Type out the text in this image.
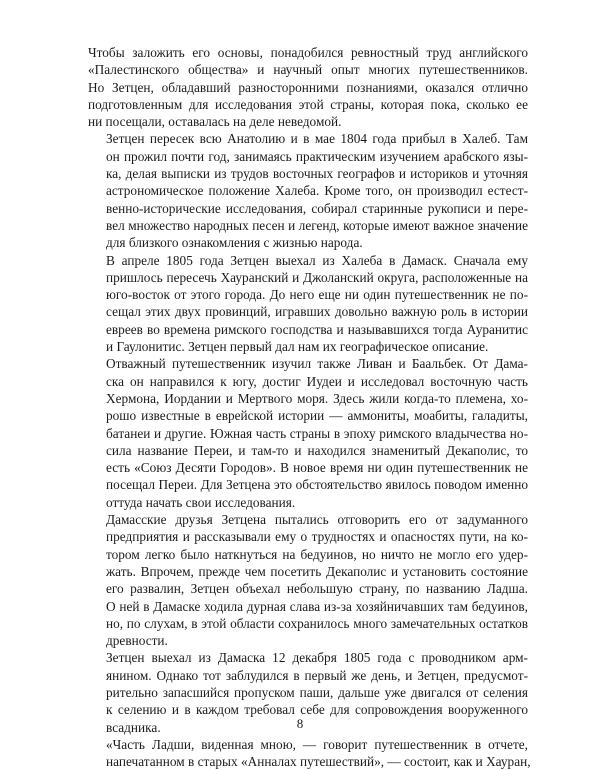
Чтобы заложить его основы, понадобился ревностный труд английского
«Палестинского общества» и научный опыт многих путешественников.
Но Зетцен, обладавший разносторонними познаниями, оказался отлично
подготовленным для исследования этой страны, которая пока, сколько ее
ни посещали, оставалась на деле неведомой.

Зетцен пересек всю Анатолию и в мае 1804 года прибыл в Халеб. Там
он прожил почти год, занимаясь практическим изучением арабского язы-
ка, делая выписки из трудов восточных географов и историков и уточняя
астрономическое положение Халеба. Кроме того, он производил естест-
венно-исторические исследования, собирал старинные рукописи и пере-
вел множество народных песен и легенд, которые имеют важное значение
для близкого ознакомления с жизнью народа.

В апреле 1805 года Зетцен выехал из Халеба в Дамаск. Сначала ему
пришлось пересечь Хауранский и Джоланский округа, расположенные на
юго-восток от этого города. До него еще ни один путешественник не по-
сещал этих двух провинций, игравших довольно важную роль в истории
евреев во времена римского господства и называвшихся тогда Ауранитис
и Гаулонитис. Зетцен первый дал нам их географическое описание.

Отважный путешественник изучил также Ливан и Баальбек. От Дама-
ска он направился к югу, достиг Иудеи и исследовал восточную часть
Хермона, Иордании и Мертвого моря. Здесь жили когда-то племена, хо-
рошо известные в еврейской истории — аммониты, моабиты, галадиты,
батанеи и другие. Южная часть страны в эпоху римского владычества но-
сила название Переи, и там-то и находился знаменитый Декаполис, то
есть «Союз Десяти Городов». В новое время ни один путешественник не
посещал Переи. Для Зетцена это обстоятельство явилось поводом именно
оттуда начать свои исследования.

Дамасские друзья Зетцена пытались отговорить его от задуманного
предприятия и рассказывали ему о трудностях и опасностях пути, на ко-
тором легко было наткнуться на бедуинов, но ничто не могло его удер-
жать. Впрочем, прежде чем посетить Декаполис и установить состояние
его развалин, Зетцен объехал небольшую страну, по названию Ладша.
О ней в Дамаске ходила дурная слава из-за хозяйничавших там бедуинов,
но, по слухам, в этой области сохранилось много замечательных остатков
древности.

Зетцен выехал из Дамаска 12 декабря 1805 года с проводником арм-
янином. Однако тот заблудился в первый же день, и Зетцен, предусмот-
рительно запасшийся пропуском паши, дальше уже двигался от селения
к селению и в каждом требовал себе для сопровождения вооруженного
всадника.

«Часть Ладши, виденная мною, — говорит путешественник в отчете,
напечатанном в старых «Анналах путешествий», — состоит, как и Хауран,

8
